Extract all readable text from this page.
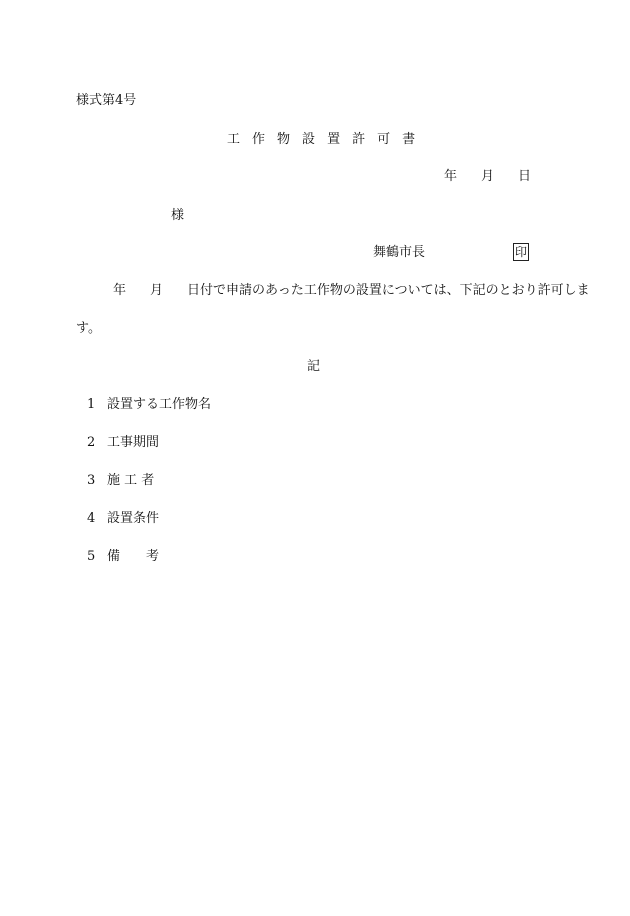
様式第4号
工 作 物 設 置 許 可 書
年 月 日
様
舞鶴市長	印
年 月 日付で申請のあった工作物の設置については、下記のとおり許可しま
す。
記
1 設置する工作物名
2 工事期間
3 施 工 者
4 設置条件
5 備　　考
